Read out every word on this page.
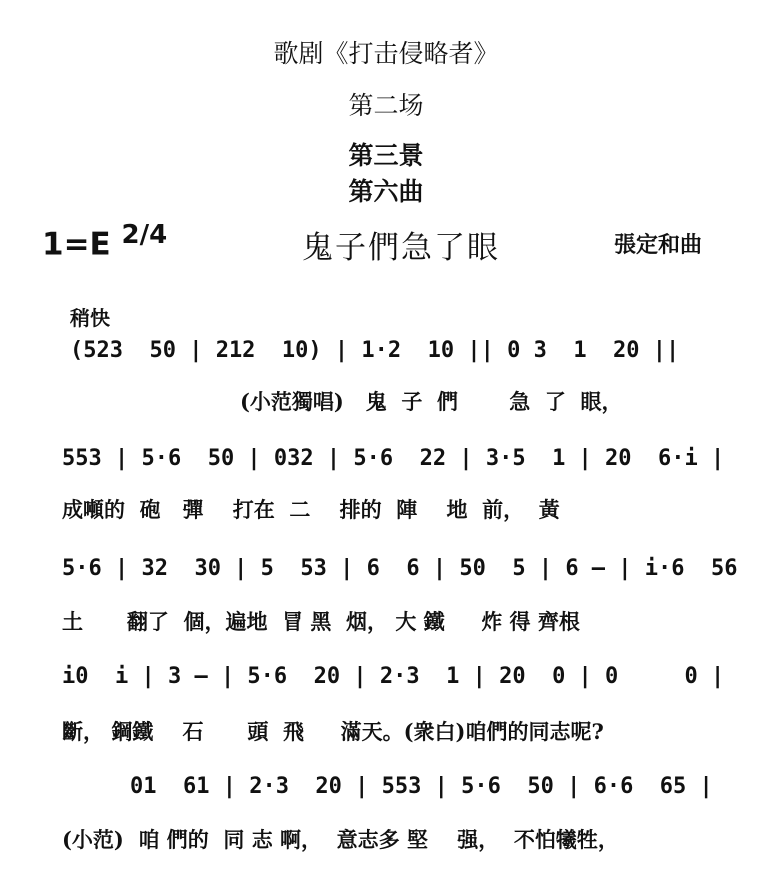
歌剧《打击侵略者》
第二场
第三景
第六曲
1=E $^{2/4}$	鬼子們急了眼	張定和曲
稍快
(523  50 | 212  10) | 1·2  10 || 0 3  1  20 ||
(小范獨唱)   鬼  子  們       急  了  眼，
553 | 5·6  50 | 032 | 5·6  22 | 3·5  1 | 20  6·i |
成噸的  砲   彈    打在  二    排的  陣    地  前，  黃
5·6 | 32  30 | 5  53 | 6  6 | 50  5 | 6 — | i·6  56
土      翻了  個，遍地  冒 黑  烟， 大 鐵     炸 得 齊根
i0  i | 3 — | 5·6  20 | 2·3  1 | 20  0 | 0     0 |
斷， 鋼鐵    石      頭  飛     滿天。(衆白)咱們的同志呢?
01  61 | 2·3  20 | 553 | 5·6  50 | 6·6  65 |
(小范)  咱 們的  同 志 啊，  意志多 堅    强，  不怕犧牲，
